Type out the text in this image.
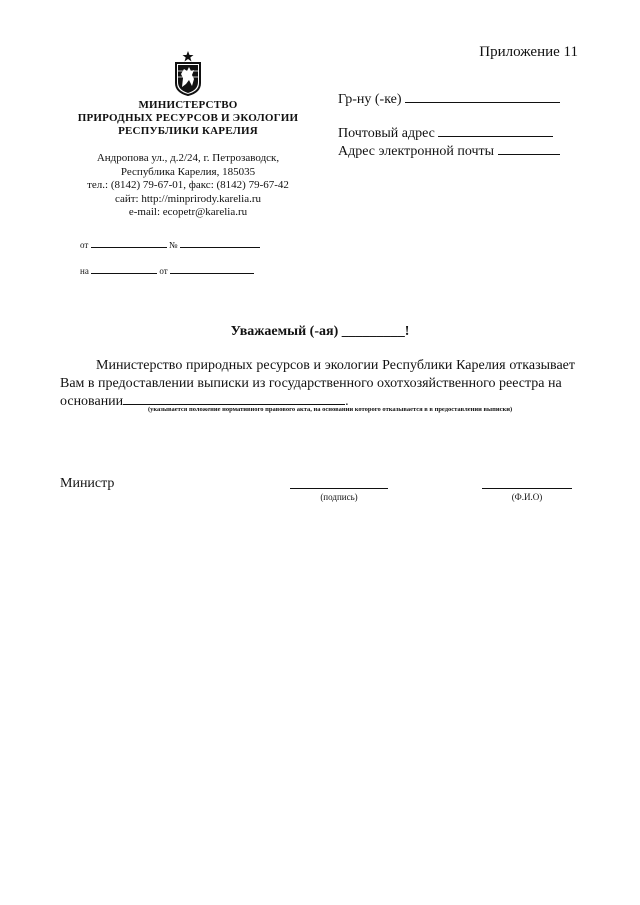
Приложение 11
МИНИСТЕРСТВО
ПРИРОДНЫХ РЕСУРСОВ И ЭКОЛОГИИ
РЕСПУБЛИКИ КАРЕЛИЯ
Андропова ул., д.2/24, г. Петрозаводск,
Республика Карелия, 185035
тел.: (8142) 79-67-01, факс: (8142) 79-67-42
сайт: http://minprirody.karelia.ru
e-mail: ecopetr@karelia.ru
от	№
на	от
Гр-ну (-ке)
Почтовый адрес
Адрес электронной почты
Уважаемый (-ая) _________!

Министерство природных ресурсов и экологии Республики Карелия отказывает Вам в предоставлении выписки из государственного охотхозяйственного реестра на

основании	.
(указывается положение нормативного правового акта, на основании которого отказывается в в предоставлении выписки)
Министр
(подпись)	(Ф.И.О)
